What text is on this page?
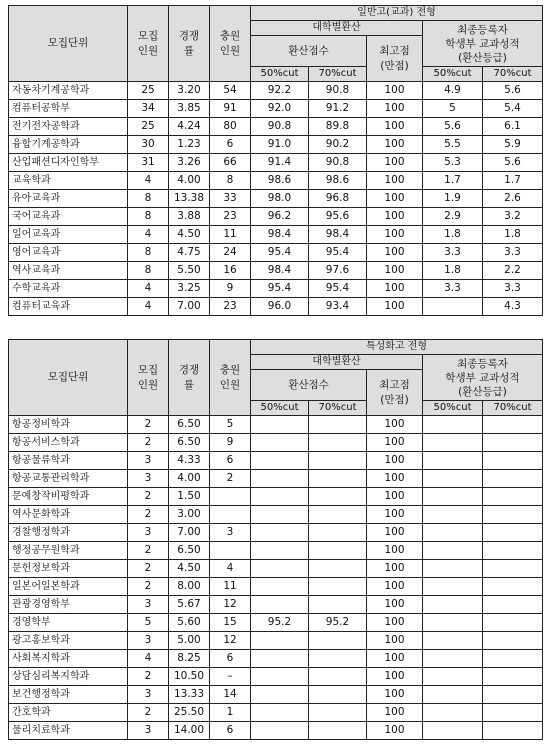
모집단위	모집
인원	경쟁
률	충원
인원	일반고(교과) 전형				
				대학별환산			최종등록자
학생부 교과성적
(환산등급)	
				환산점수		최고점
(만점)		
				50%cut	70%cut		50%cut	70%cut
자동차기계공학과	25	3.20	54	92.2	90.8	100	4.9	5.6
컴퓨터공학부	34	3.85	91	92.0	91.2	100	5	5.4
전기전자공학과	25	4.24	80	90.8	89.8	100	5.6	6.1
융합기계공학과	30	1.23	6	91.0	90.2	100	5.5	5.9
산업패션디자인학부	31	3.26	66	91.4	90.8	100	5.3	5.6
교육학과	4	4.00	8	98.6	98.6	100	1.7	1.7
유아교육과	8	13.38	33	98.0	96.8	100	1.9	2.6
국어교육과	8	3.88	23	96.2	95.6	100	2.9	3.2
일어교육과	4	4.50	11	98.4	98.4	100	1.8	1.8
영어교육과	8	4.75	24	95.4	95.4	100	3.3	3.3
역사교육과	8	5.50	16	98.4	97.6	100	1.8	2.2
수학교육과	4	3.25	9	95.4	95.4	100	3.3	3.3
컴퓨터교육과	4	7.00	23	96.0	93.4	100		4.3
모집단위	모집
인원	경쟁
률	충원
인원	특성화고 전형				
				대학별환산			최종등록자
학생부 교과성적
(환산등급)	
				환산점수		최고점
(만점)		
				50%cut	70%cut		50%cut	70%cut
항공정비학과	2	6.50	5			100		
항공서비스학과	2	6.50	9			100		
항공물류학과	3	4.33	6			100		
항공교통관리학과	3	4.00	2			100		
문예창작비평학과	2	1.50				100		
역사문화학과	2	3.00				100		
경찰행정학과	3	7.00	3			100		
행정공무원학과	2	6.50				100		
문헌정보학과	2	4.50	4			100		
일본어일본학과	2	8.00	11			100		
관광경영학부	3	5.67	12			100		
경영학부	5	5.60	15	95.2	95.2	100		
광고홍보학과	3	5.00	12			100		
사회복지학과	4	8.25	6			100		
상담심리복지학과	2	10.50	–			100		
보건행정학과	3	13.33	14			100		
간호학과	2	25.50	1			100		
물리치료학과	3	14.00	6			100		
